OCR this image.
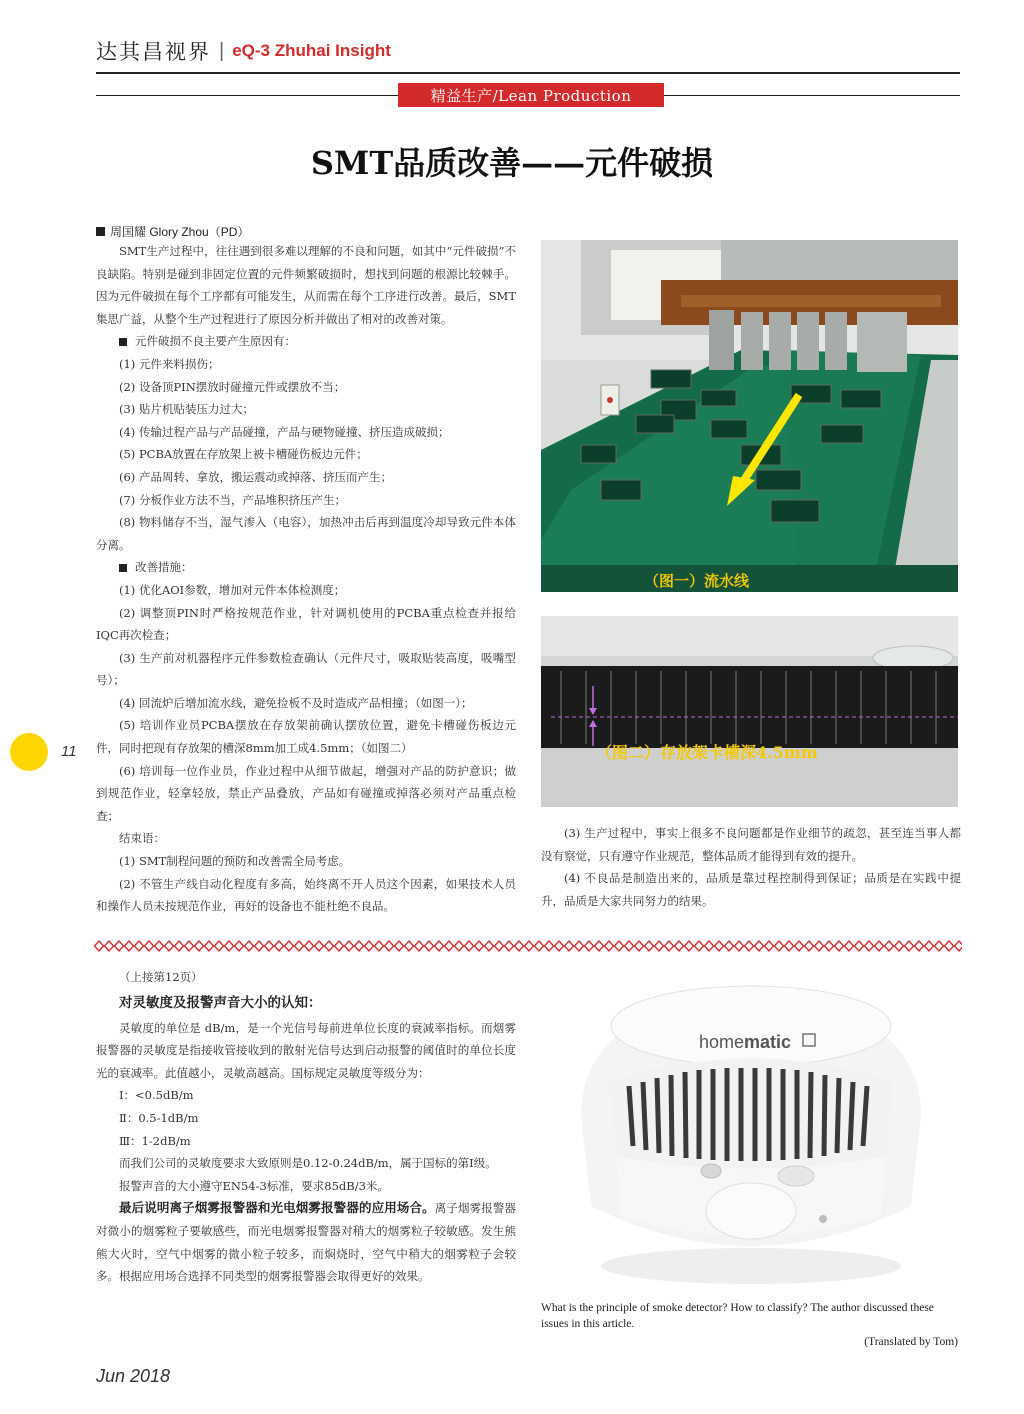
达其昌视界 | eQ-3 Zhuhai Insight
精益生产/Lean Production
SMT品质改善——元件破损
周国耀 Glory Zhou（PD）

SMT生产过程中，往往遇到很多难以理解的不良和问题，如其中“元件破损”不良缺陷。特别是碰到非固定位置的元件频繁破损时，想找到问题的根源比较棘手。因为元件破损在每个工序都有可能发生，从而需在每个工序进行改善。最后，SMT集思广益，从整个生产过程进行了原因分析并做出了相对的改善对策。

元件破损不良主要产生原因有：

(1) 元件来料损伤；

(2) 设备顶PIN摆放时碰撞元件或摆放不当；

(3) 贴片机贴装压力过大；

(4) 传输过程产品与产品碰撞，产品与硬物碰撞、挤压造成破损；

(5) PCBA放置在存放架上被卡槽碰伤板边元件；

(6) 产品周转、拿放，搬运震动或掉落、挤压而产生；

(7) 分板作业方法不当，产品堆积挤压产生；

(8) 物料储存不当，湿气渗入（电容），加热冲击后再到温度冷却导致元件本体分离。

改善措施：

(1) 优化AOI参数，增加对元件本体检测度；

(2) 调整顶PIN时严格按规范作业，针对调机使用的PCBA重点检查并报给IQC再次检查；

(3) 生产前对机器程序元件参数检查确认（元件尺寸，吸取贴装高度，吸嘴型号）；

(4) 回流炉后增加流水线，避免捡板不及时造成产品相撞；（如图一）；

(5) 培训作业员PCBA摆放在存放架前确认摆放位置，避免卡槽碰伤板边元件，同时把现有存放架的槽深8mm加工成4.5mm；（如图二）

(6) 培训每一位作业员，作业过程中从细节做起，增强对产品的防护意识；做到规范作业，轻拿轻放，禁止产品叠放，产品如有碰撞或掉落必须对产品重点检查；

结束语：

(1) SMT制程问题的预防和改善需全局考虑。

(2) 不管生产线自动化程度有多高，始终离不开人员这个因素，如果技术人员和操作人员未按规范作业，再好的设备也不能杜绝不良品。

（图一）流水线
（图二）存放架卡槽深4.5mm

(3) 生产过程中，事实上很多不良问题都是作业细节的疏忽，甚至连当事人都没有察觉，只有遵守作业规范，整体品质才能得到有效的提升。

(4) 不良品是制造出来的，品质是靠过程控制得到保证；品质是在实践中提升，品质是大家共同努力的结果。

11

（上接第12页）

对灵敏度及报警声音大小的认知：

灵敏度的单位是 dB/m，是一个光信号每前进单位长度的衰减率指标。而烟雾报警器的灵敏度是指接收管接收到的散射光信号达到启动报警的阈值时的单位长度光的衰减率。此值越小，灵敏高越高。国标规定灵敏度等级分为：

Ⅰ：<0.5dB/m

Ⅱ：0.5-1dB/m

Ⅲ：1-2dB/m

而我们公司的灵敏度要求大致原则是0.12-0.24dB/m，属于国标的第Ⅰ级。

报警声音的大小遵守EN54-3标准，要求85dB/3米。

最后说明离子烟雾报警器和光电烟雾报警器的应用场合。离子烟雾报警器对微小的烟雾粒子要敏感些，而光电烟雾报警器对稍大的烟雾粒子较敏感。发生熊熊大火时，空气中烟雾的微小粒子较多，而焖烧时，空气中稍大的烟雾粒子会较多。根据应用场合选择不同类型的烟雾报警器会取得更好的效果。

homematic
What is the principle of smoke detector? How to classify? The author discussed these issues in this article.
(Translated by Tom)
Jun 2018
